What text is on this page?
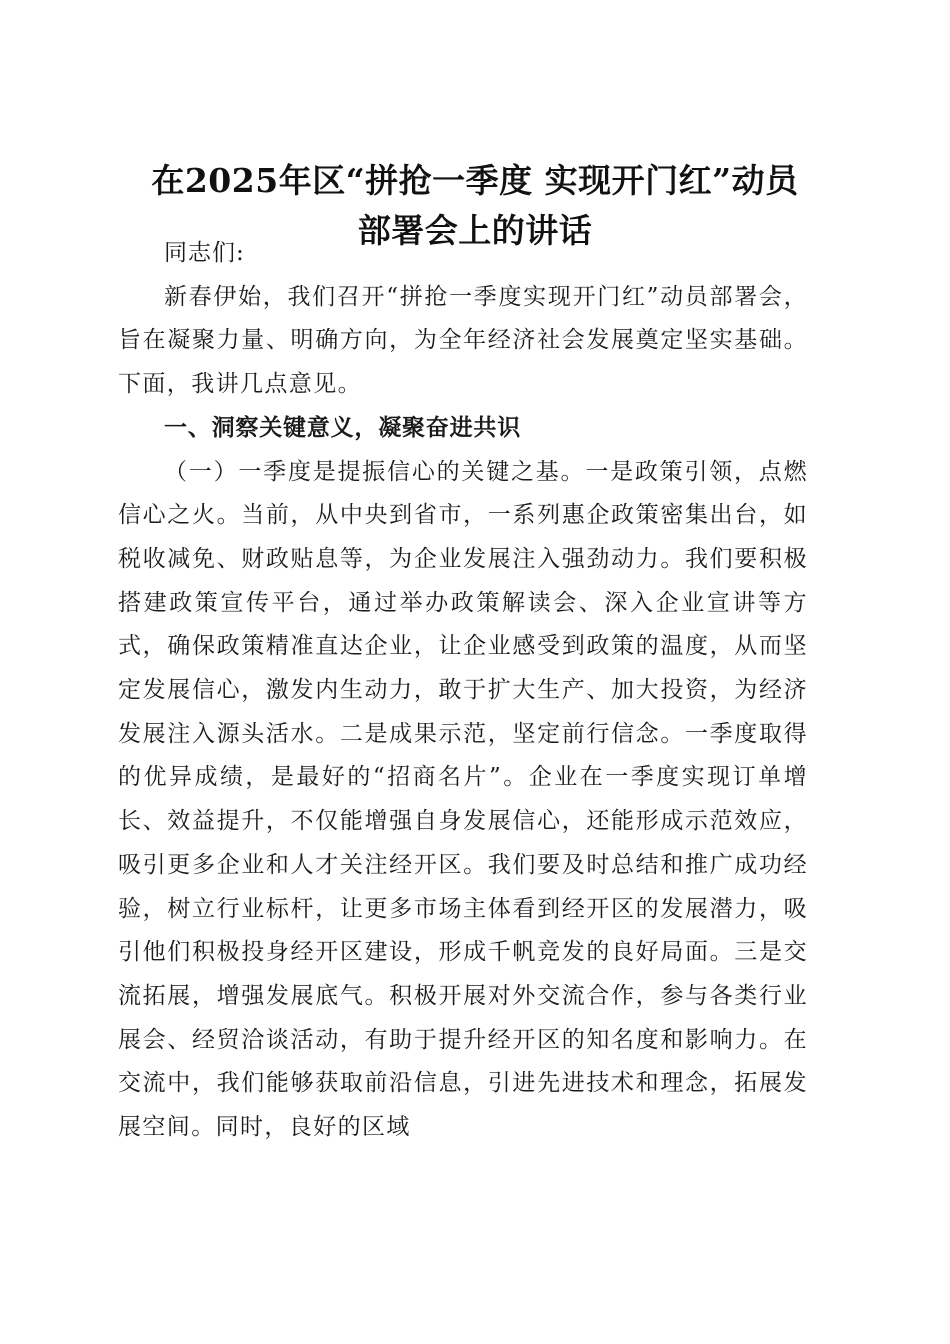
在2025年区“拼抢一季度 实现开门红”动员
部署会上的讲话

同志们:

新春伊始，我们召开“拼抢一季度实现开门红”动员部署会，旨在凝聚力量、明确方向，为全年经济社会发展奠定坚实基础。下面，我讲几点意见。

一、洞察关键意义，凝聚奋进共识

（一）一季度是提振信心的关键之基。一是政策引领，点燃信心之火。当前，从中央到省市，一系列惠企政策密集出台，如税收减免、财政贴息等，为企业发展注入强劲动力。我们要积极搭建政策宣传平台，通过举办政策解读会、深入企业宣讲等方式，确保政策精准直达企业，让企业感受到政策的温度，从而坚定发展信心，激发内生动力，敢于扩大生产、加大投资，为经济发展注入源头活水。二是成果示范，坚定前行信念。一季度取得的优异成绩，是最好的“招商名片”。企业在一季度实现订单增长、效益提升，不仅能增强自身发展信心，还能形成示范效应，吸引更多企业和人才关注经开区。我们要及时总结和推广成功经验，树立行业标杆，让更多市场主体看到经开区的发展潜力，吸引他们积极投身经开区建设，形成千帆竞发的良好局面。三是交流拓展，增强发展底气。积极开展对外交流合作，参与各类行业展会、经贸洽谈活动，有助于提升经开区的知名度和影响力。在交流中，我们能够获取前沿信息，引进先进技术和理念，拓展发展空间。同时，良好的区域
